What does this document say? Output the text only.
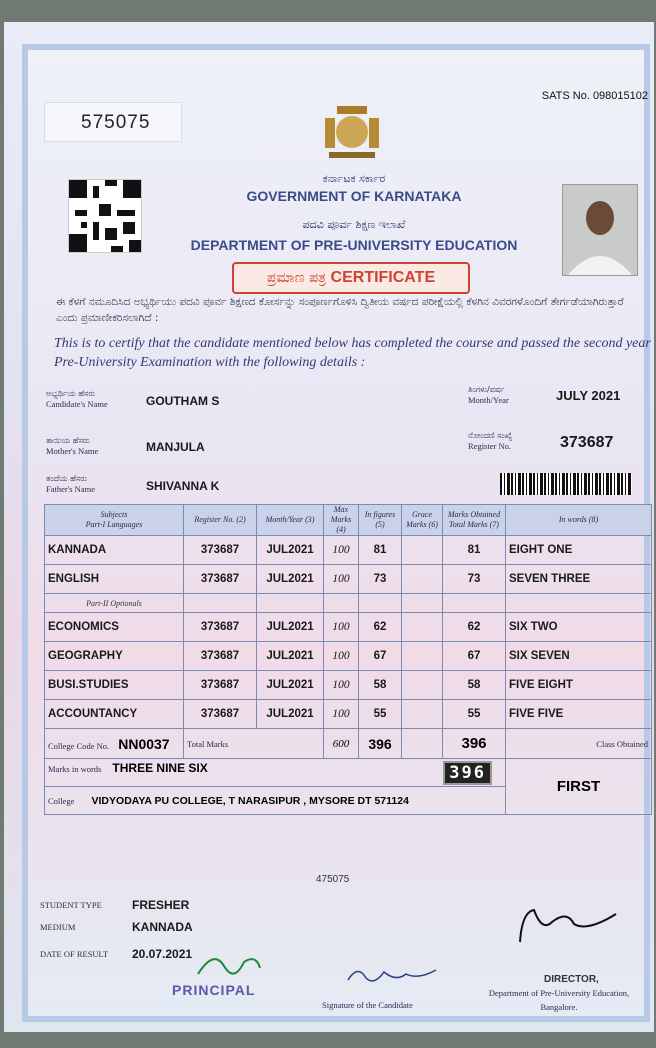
575075
SATS No. 098015102
ಕರ್ನಾಟಕ ಸರ್ಕಾರ
GOVERNMENT OF KARNATAKA
ಪದವಿ ಪೂರ್ವ ಶಿಕ್ಷಣ ಇಲಾಖೆ
DEPARTMENT OF PRE-UNIVERSITY EDUCATION
ಪ್ರಮಾಣ ಪತ್ರ CERTIFICATE
ಈ ಕೆಳಗೆ ನಮೂದಿಸಿದ ಅಭ್ಯರ್ಥಿಯು ಪದವಿ ಪೂರ್ವ ಶಿಕ್ಷಣದ ಕೋರ್ಸನ್ನು ಸಂಪೂರ್ಣಗೊಳಿಸಿ ದ್ವಿತೀಯ ವರ್ಷದ ಪರೀಕ್ಷೆಯಲ್ಲಿ ಕೆಳಗಿನ ವಿವರಗಳೊಂದಿಗೆ ತೇರ್ಗಡೆಯಾಗಿರುತ್ತಾರೆ ಎಂದು ಪ್ರಮಾಣೀಕರಿಸಲಾಗಿದೆ :
This is to certify that the candidate mentioned below has completed the course and passed the second year Pre-University Examination with the following details :
ಅಭ್ಯರ್ಥಿಯ ಹೆಸರು
Candidate's Name	GOUTHAM S
ತಾಯಿಯ ಹೆಸರು
Mother's Name	MANJULA
ತಂದೆಯ ಹೆಸರು
Father's Name	SHIVANNA K
ತಿಂಗಳು/ವರ್ಷ
Month/Year	JULY 2021
ನೋಂದಣಿ ಸಂಖ್ಯೆ
Register No.	373687
Subjects
Part-I Languages	Register No. (2)	Month/Year (3)	Max Marks (4)	In figures (5)	Grace Marks (6)	Marks Obtained
Total Marks (7)	In words (8)
KANNADA	373687	JUL2021	100	81		81	EIGHT ONE
ENGLISH	373687	JUL2021	100	73		73	SEVEN THREE
Part-II Optionals							
ECONOMICS	373687	JUL2021	100	62		62	SIX TWO
GEOGRAPHY	373687	JUL2021	100	67		67	SIX SEVEN
BUSI.STUDIES	373687	JUL2021	100	58		58	FIVE EIGHT
ACCOUNTANCY	373687	JUL2021	100	55		55	FIVE FIVE
College Code No. NN0037	Total Marks		600	396		396	Class Obtained
Marks in words THREE NINE SIX 396							FIRST
College VIDYODAYA PU COLLEGE, T NARASIPUR , MYSORE DT 571124							
475075
STUDENT TYPE	FRESHER
MEDIUM	KANNADA
DATE OF RESULT 20.07.2021
PRINCIPAL
Signature of the Candidate
DIRECTOR,
Department of Pre-University Education,
Bangalore.
